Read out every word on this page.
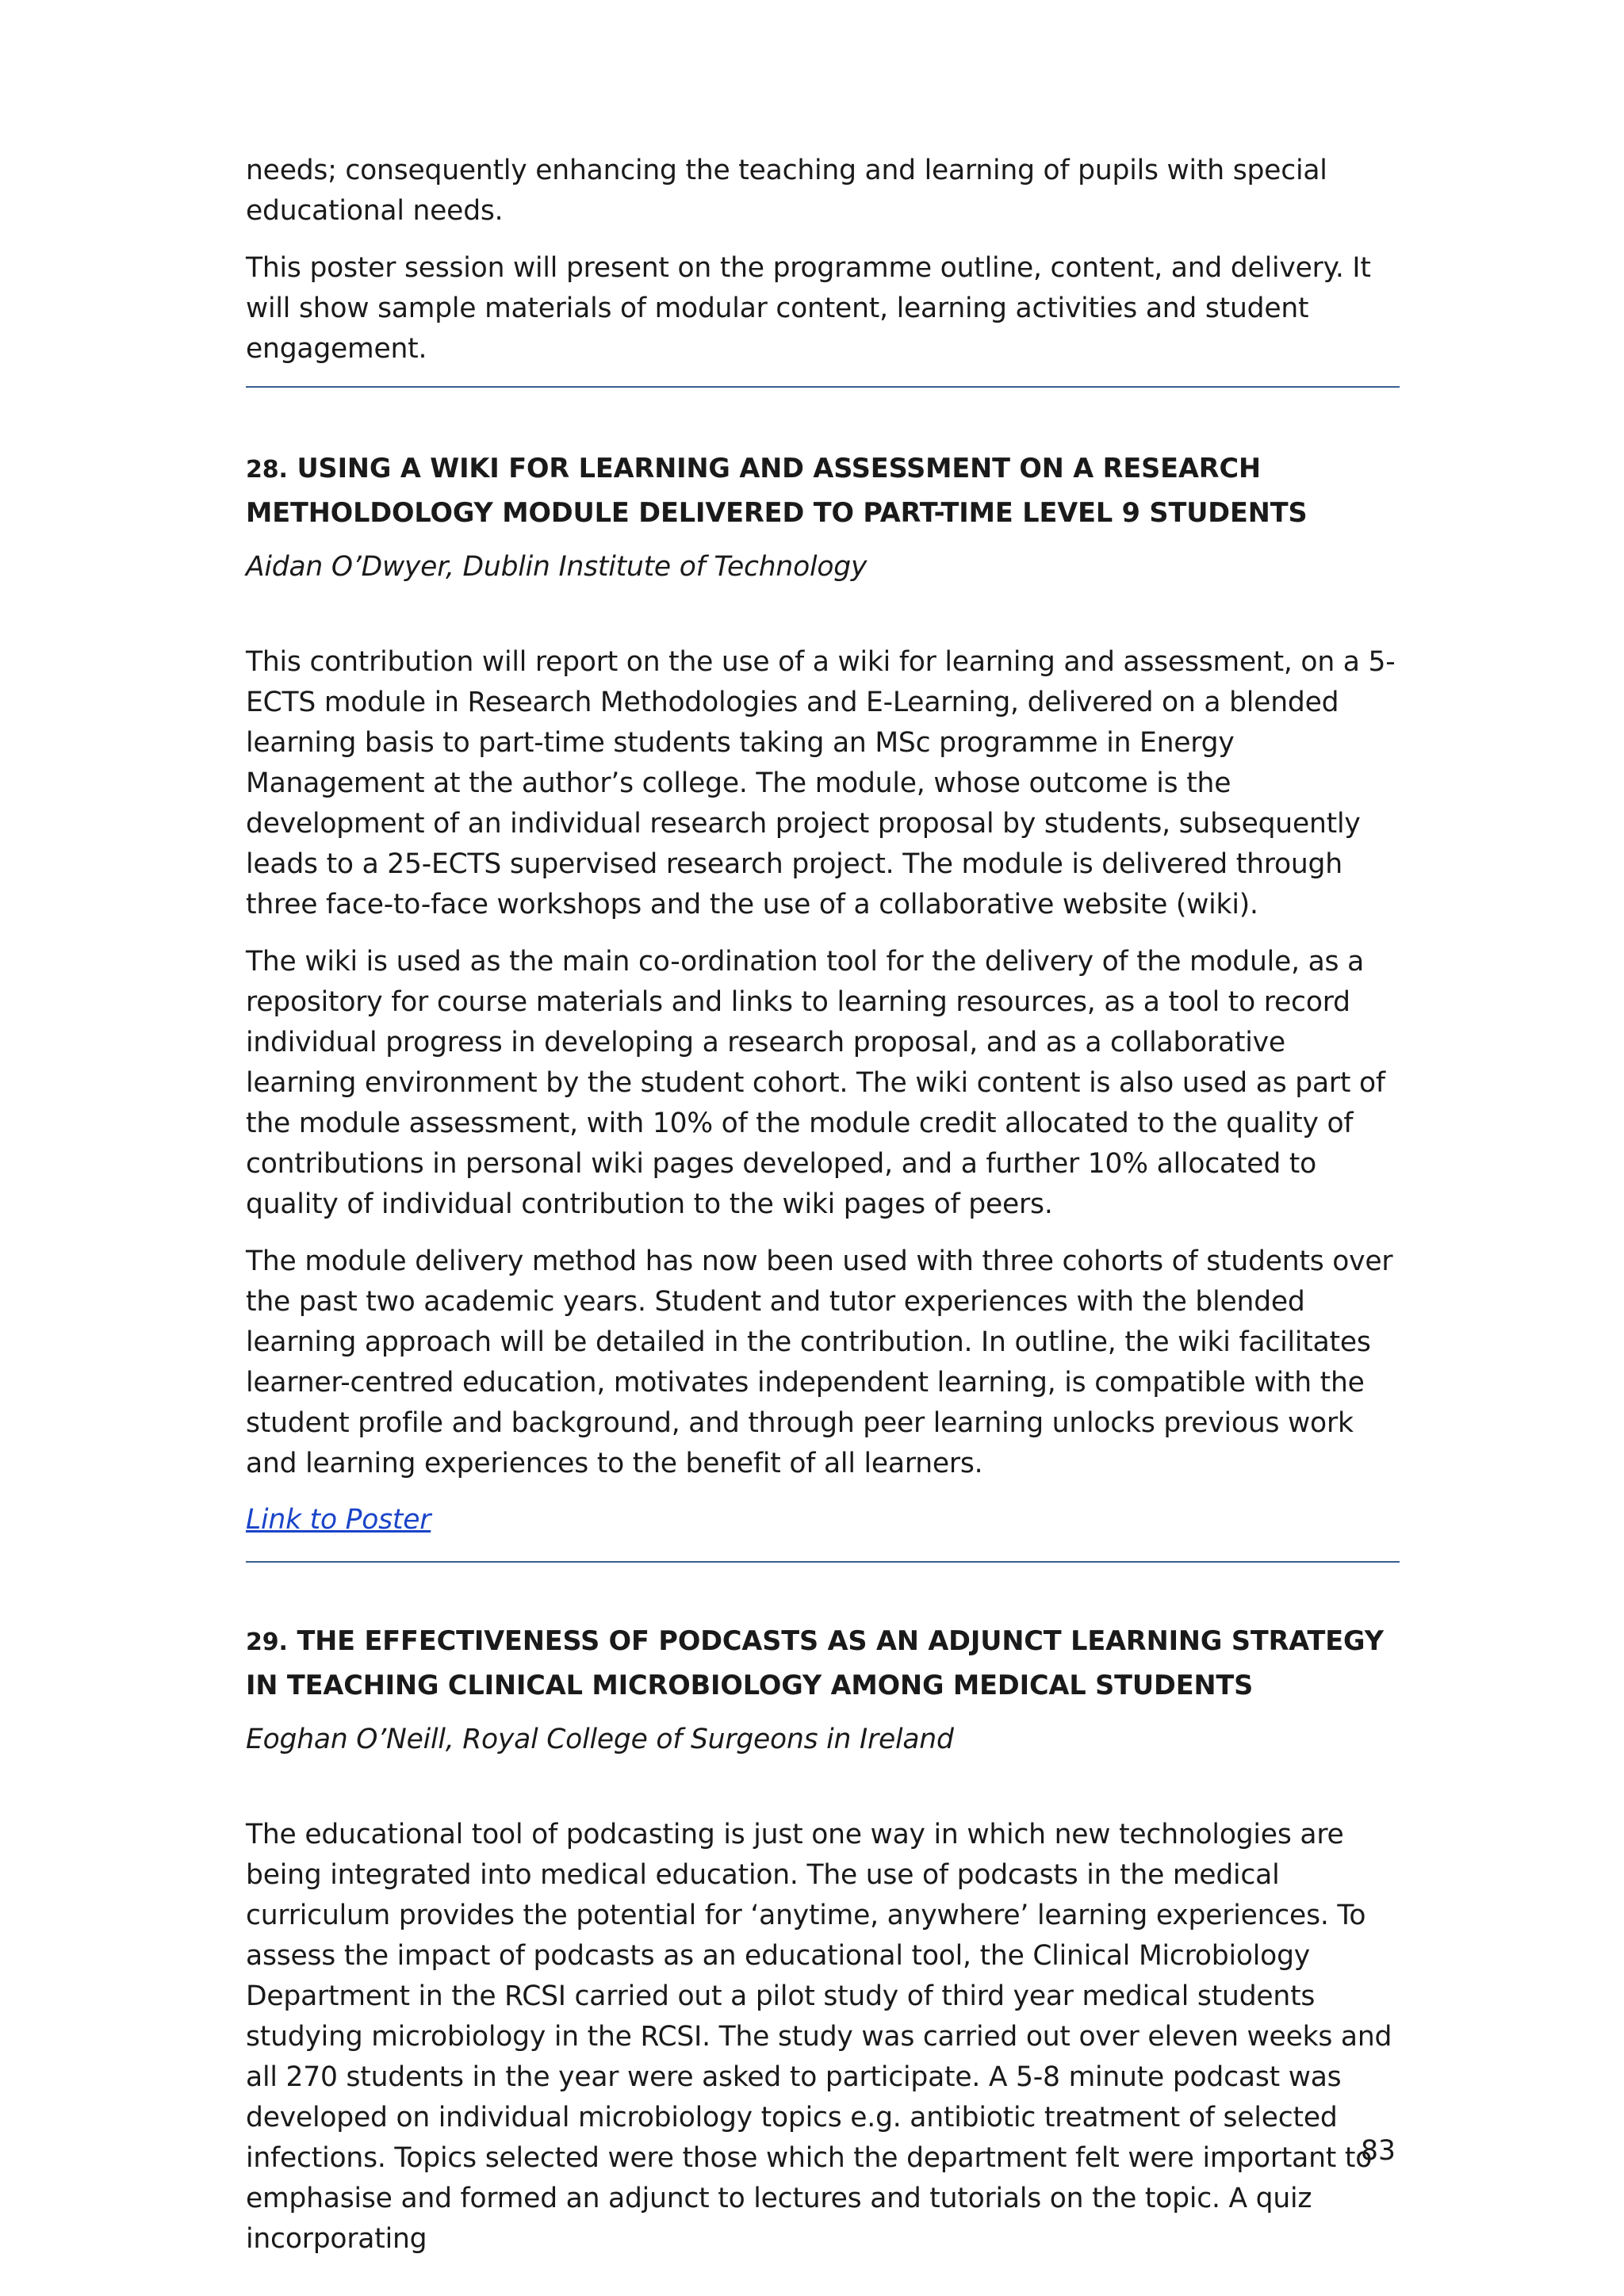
needs; consequently enhancing the teaching and learning of pupils with special educational needs.

This poster session will present on the programme outline, content, and delivery. It will show sample materials of modular content, learning activities and student engagement.

28. USING A WIKI FOR LEARNING AND ASSESSMENT ON A RESEARCH METHOLDOLOGY MODULE DELIVERED TO PART-TIME LEVEL 9 STUDENTS

Aidan O’Dwyer, Dublin Institute of Technology

This contribution will report on the use of a wiki for learning and assessment, on a 5-ECTS module in Research Methodologies and E-Learning, delivered on a blended learning basis to part-time students taking an MSc programme in Energy Management at the author’s college. The module, whose outcome is the development of an individual research project proposal by students, subsequently leads to a 25-ECTS supervised research project. The module is delivered through three face-to-face workshops and the use of a collaborative website (wiki).

The wiki is used as the main co-ordination tool for the delivery of the module, as a repository for course materials and links to learning resources, as a tool to record individual progress in developing a research proposal, and as a collaborative learning environment by the student cohort. The wiki content is also used as part of the module assessment, with 10% of the module credit allocated to the quality of contributions in personal wiki pages developed, and a further 10% allocated to quality of individual contribution to the wiki pages of peers.

The module delivery method has now been used with three cohorts of students over the past two academic years. Student and tutor experiences with the blended learning approach will be detailed in the contribution. In outline, the wiki facilitates learner-centred education, motivates independent learning, is compatible with the student profile and background, and through peer learning unlocks previous work and learning experiences to the benefit of all learners.

Link to Poster

29. THE EFFECTIVENESS OF PODCASTS AS AN ADJUNCT LEARNING STRATEGY IN TEACHING CLINICAL MICROBIOLOGY AMONG MEDICAL STUDENTS

Eoghan O’Neill, Royal College of Surgeons in Ireland

The educational tool of podcasting is just one way in which new technologies are being integrated into medical education. The use of podcasts in the medical curriculum provides the potential for ‘anytime, anywhere’ learning experiences. To assess the impact of podcasts as an educational tool, the Clinical Microbiology Department in the RCSI carried out a pilot study of third year medical students studying microbiology in the RCSI. The study was carried out over eleven weeks and all 270 students in the year were asked to participate. A 5-8 minute podcast was developed on individual microbiology topics e.g. antibiotic treatment of selected infections. Topics selected were those which the department felt were important to emphasise and formed an adjunct to lectures and tutorials on the topic. A quiz incorporating

83
